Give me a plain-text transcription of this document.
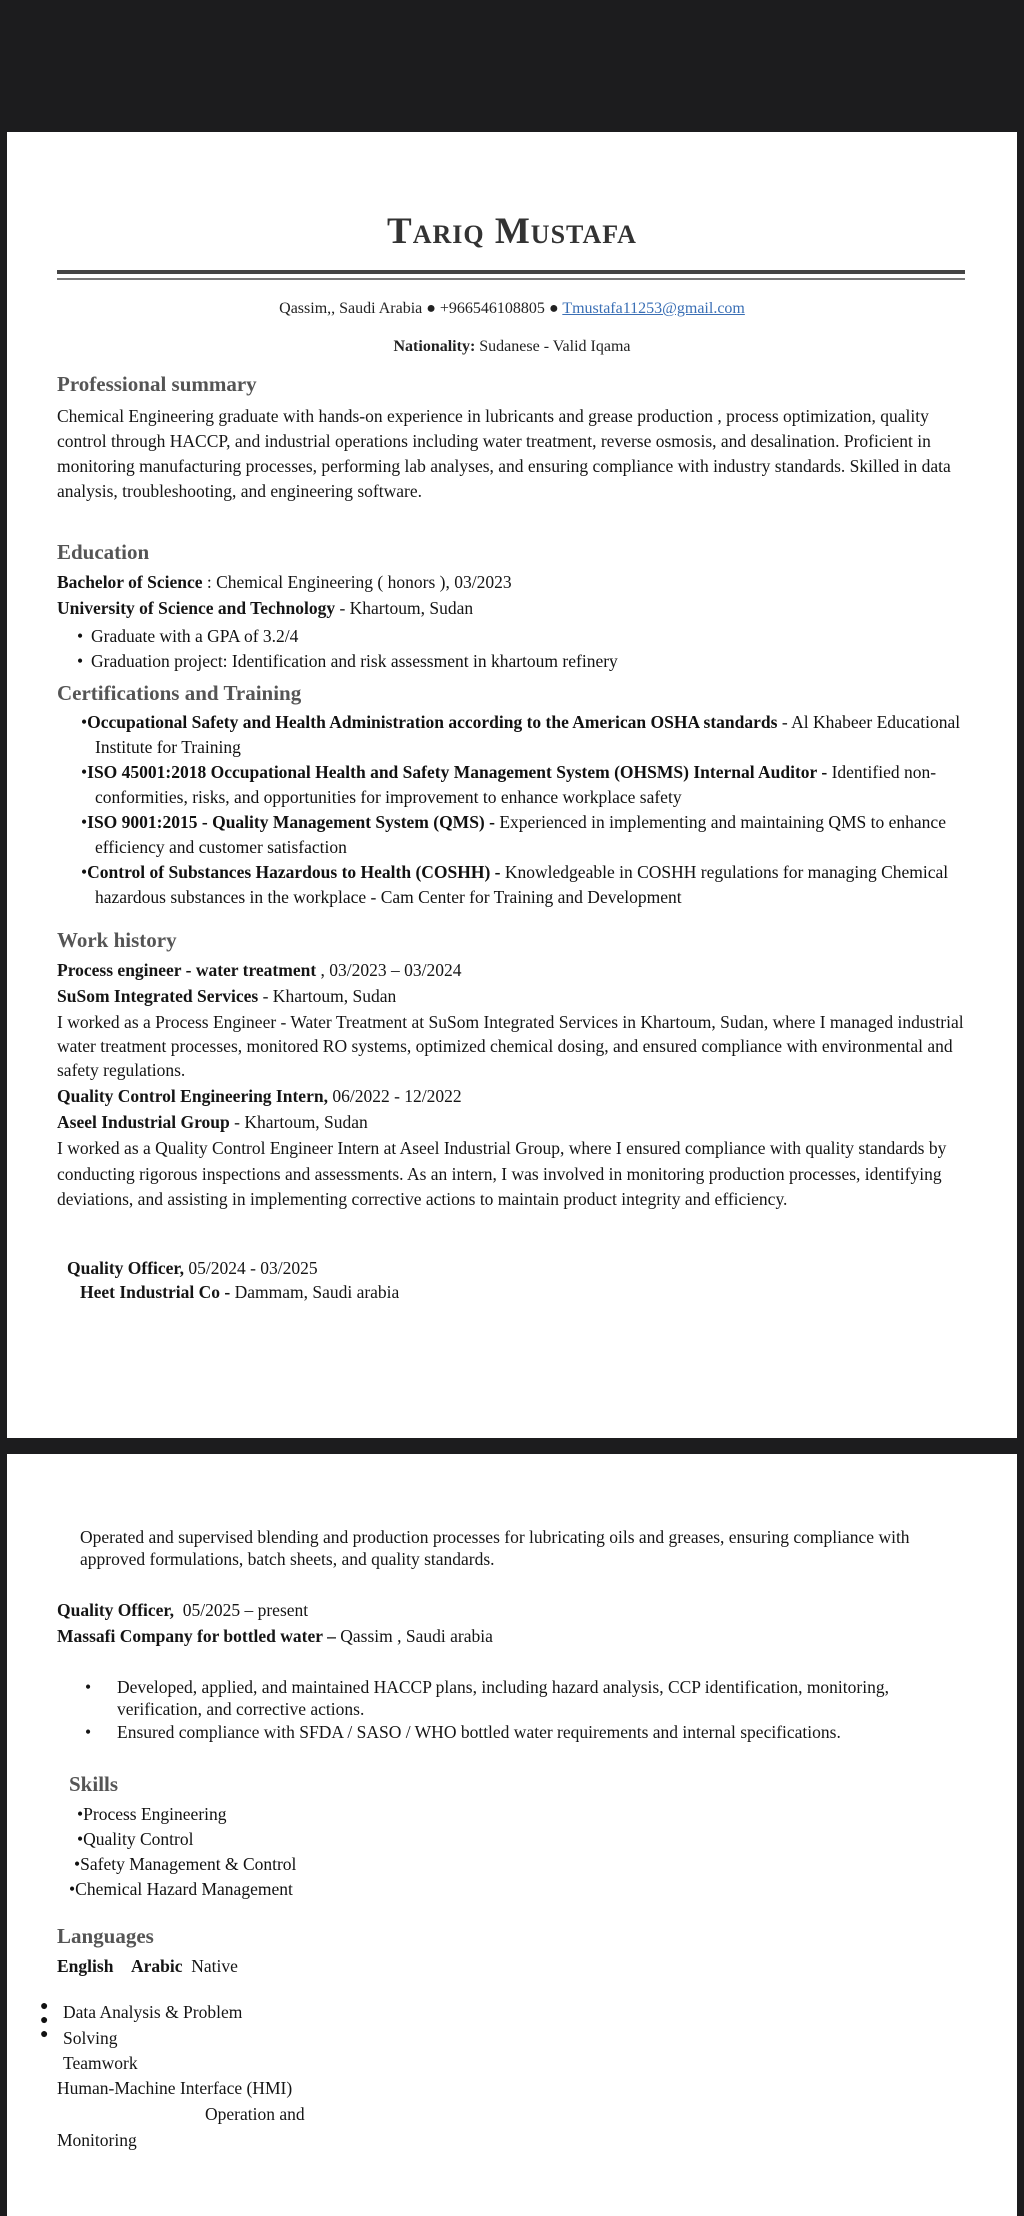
Tariq Mustafa
Qassim,, Saudi Arabia ● +966546108805 ● Tmustafa11253@gmail.com
Nationality: Sudanese - Valid Iqama
Professional summary
Chemical Engineering graduate with hands-on experience in lubricants and grease production , process optimization, quality control through HACCP, and industrial operations including water treatment, reverse osmosis, and desalination. Proficient in monitoring manufacturing processes, performing lab analyses, and ensuring compliance with industry standards. Skilled in data analysis, troubleshooting, and engineering software.
Education
Bachelor of Science : Chemical Engineering ( honors ), 03/2023
University of Science and Technology - Khartoum, Sudan
• Graduate with a GPA of 3.2/4
• Graduation project: Identification and risk assessment in khartoum refinery
Certifications and Training
•Occupational Safety and Health Administration according to the American OSHA standards - Al Khabeer Educational Institute for Training
•ISO 45001:2018 Occupational Health and Safety Management System (OHSMS) Internal Auditor - Identified non-conformities, risks, and opportunities for improvement to enhance workplace safety
•ISO 9001:2015 - Quality Management System (QMS) - Experienced in implementing and maintaining QMS to enhance efficiency and customer satisfaction
•Control of Substances Hazardous to Health (COSHH) - Knowledgeable in COSHH regulations for managing Chemical hazardous substances in the workplace - Cam Center for Training and Development
Work history
Process engineer - water treatment , 03/2023 – 03/2024
SuSom Integrated Services - Khartoum, Sudan
I worked as a Process Engineer - Water Treatment at SuSom Integrated Services in Khartoum, Sudan, where I managed industrial water treatment processes, monitored RO systems, optimized chemical dosing, and ensured compliance with environmental and safety regulations.
Quality Control Engineering Intern, 06/2022 - 12/2022
Aseel Industrial Group - Khartoum, Sudan
I worked as a Quality Control Engineer Intern at Aseel Industrial Group, where I ensured compliance with quality standards by conducting rigorous inspections and assessments. As an intern, I was involved in monitoring production processes, identifying deviations, and assisting in implementing corrective actions to maintain product integrity and efficiency.
Quality Officer, 05/2024 - 03/2025
Heet Industrial Co - Dammam, Saudi arabia
Operated and supervised blending and production processes for lubricating oils and greases, ensuring compliance with approved formulations, batch sheets, and quality standards.
Quality Officer, 05/2025 – present
Massafi Company for bottled water – Qassim , Saudi arabia
• Developed, applied, and maintained HACCP plans, including hazard analysis, CCP identification, monitoring, verification, and corrective actions.
• Ensured compliance with SFDA / SASO / WHO bottled water requirements and internal specifications.
Skills
•Process Engineering
•Quality Control
•Safety Management & Control
•Chemical Hazard Management
Languages
English Arabic Native
●
●
●
Data Analysis & Problem
Solving
Teamwork
Human-Machine Interface (HMI)
Operation and
Monitoring
